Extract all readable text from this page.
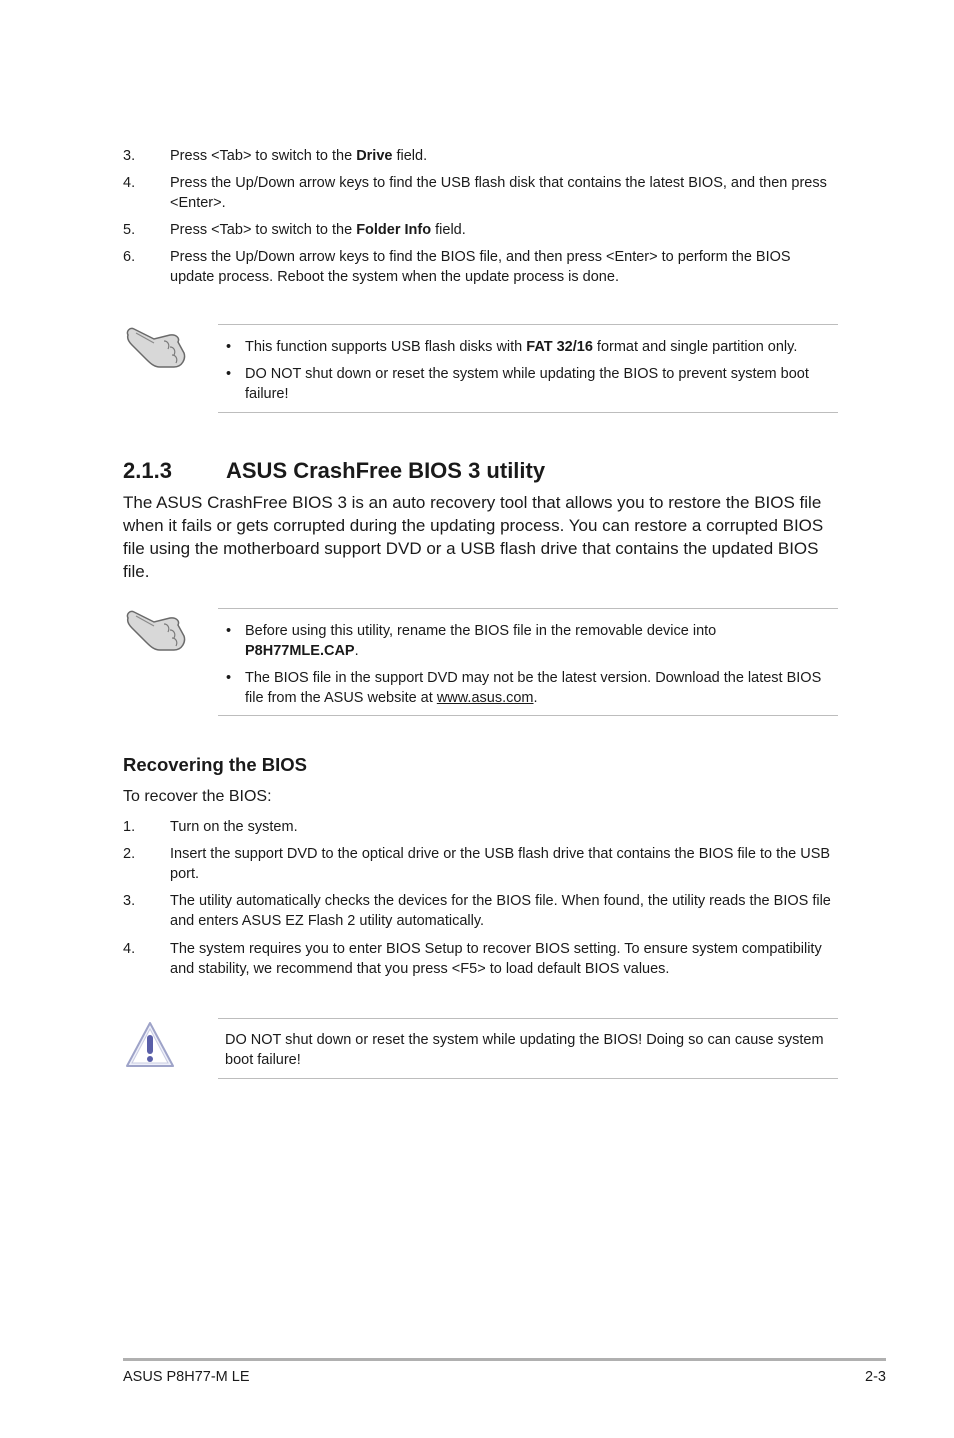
3. Press <Tab> to switch to the Drive field.
4. Press the Up/Down arrow keys to find the USB flash disk that contains the latest BIOS, and then press <Enter>.
5. Press <Tab> to switch to the Folder Info field.
6. Press the Up/Down arrow keys to find the BIOS file, and then press <Enter> to perform the BIOS update process. Reboot the system when the update process is done.
• This function supports USB flash disks with FAT 32/16 format and single partition only.
• DO NOT shut down or reset the system while updating the BIOS to prevent system boot failure!
2.1.3 ASUS CrashFree BIOS 3 utility
The ASUS CrashFree BIOS 3 is an auto recovery tool that allows you to restore the BIOS file when it fails or gets corrupted during the updating process. You can restore a corrupted BIOS file using the motherboard support DVD or a USB flash drive that contains the updated BIOS file.
• Before using this utility, rename the BIOS file in the removable device into
P8H77MLE.CAP.
• The BIOS file in the support DVD may not be the latest version. Download the latest BIOS file from the ASUS website at www.asus.com.
Recovering the BIOS
To recover the BIOS:
1. Turn on the system.
2. Insert the support DVD to the optical drive or the USB flash drive that contains the BIOS file to the USB port.
3. The utility automatically checks the devices for the BIOS file. When found, the utility reads the BIOS file and enters ASUS EZ Flash 2 utility automatically.
4. The system requires you to enter BIOS Setup to recover BIOS setting. To ensure system compatibility and stability, we recommend that you press <F5> to load default BIOS values.
DO NOT shut down or reset the system while updating the BIOS! Doing so can cause system boot failure!
ASUS P8H77-M LE	2-3
